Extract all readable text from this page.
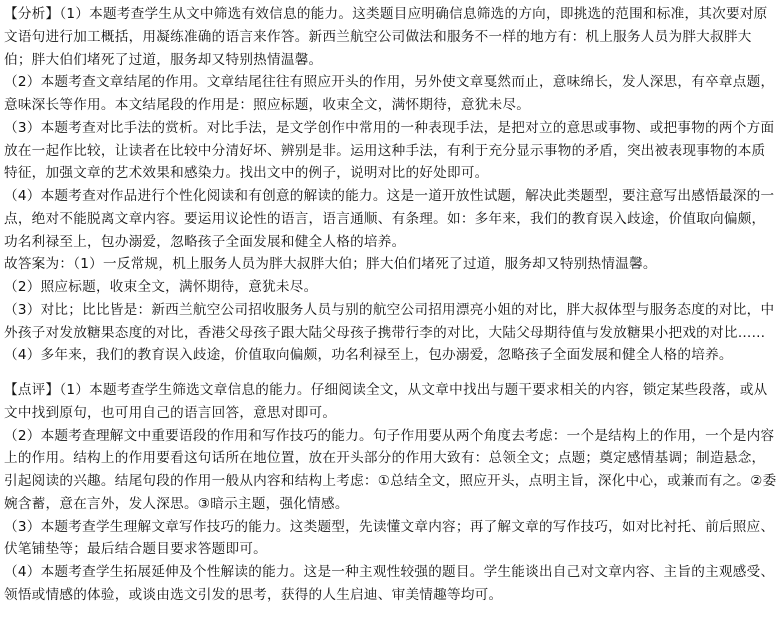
【分析】（1）本题考查学生从文中筛选有效信息的能力。这类题目应明确信息筛选的方向，即挑选的范围和标准，其次要对原文语句进行加工概括，用凝练准确的语言来作答。新西兰航空公司做法和服务不一样的地方有：机上服务人员为胖大叔胖大伯；胖大伯们堵死了过道，服务却又特别热情温馨。

（2）本题考查文章结尾的作用。文章结尾往往有照应开头的作用，另外使文章戛然而止，意味绵长，发人深思，有卒章点题，意味深长等作用。本文结尾段的作用是：照应标题，收束全文，满怀期待，意犹未尽。

（3）本题考查对比手法的赏析。对比手法，是文学创作中常用的一种表现手法，是把对立的意思或事物、或把事物的两个方面放在一起作比较，让读者在比较中分清好坏、辨别是非。运用这种手法，有利于充分显示事物的矛盾，突出被表现事物的本质特征，加强文章的艺术效果和感染力。找出文中的例子，说明对比的好处即可。

（4）本题考查对作品进行个性化阅读和有创意的解读的能力。这是一道开放性试题，解决此类题型，要注意写出感悟最深的一点，绝对不能脱离文章内容。要运用议论性的语言，语言通顺、有条理。如：多年来，我们的教育误入歧途，价值取向偏颇，功名利禄至上，包办溺爱，忽略孩子全面发展和健全人格的培养。

故答案为：（1）一反常规，机上服务人员为胖大叔胖大伯；胖大伯们堵死了过道，服务却又特别热情温馨。

（2）照应标题，收束全文，满怀期待，意犹未尽。

（3）对比；比比皆是：新西兰航空公司招收服务人员与别的航空公司招用漂亮小姐的对比，胖大叔体型与服务态度的对比，中外孩子对发放糖果态度的对比，香港父母孩子跟大陆父母孩子携带行李的对比，大陆父母期待值与发放糖果小把戏的对比……

（4）多年来，我们的教育误入歧途，价值取向偏颇，功名利禄至上，包办溺爱，忽略孩子全面发展和健全人格的培养。

【点评】（1）本题考查学生筛选文章信息的能力。仔细阅读全文，从文章中找出与题干要求相关的内容，锁定某些段落，或从文中找到原句，也可用自己的语言回答，意思对即可。

（2）本题考查理解文中重要语段的作用和写作技巧的能力。句子作用要从两个角度去考虑：一个是结构上的作用，一个是内容上的作用。结构上的作用要看这句话所在地位置，放在开头部分的作用大致有：总领全文；点题；奠定感情基调；制造悬念，引起阅读的兴趣。结尾句段的作用一般从内容和结构上考虑：①总结全文，照应开头，点明主旨，深化中心，或兼而有之。②委婉含蓄，意在言外，发人深思。③暗示主题，强化情感。

（3）本题考查学生理解文章写作技巧的能力。这类题型，先读懂文章内容；再了解文章的写作技巧，如对比衬托、前后照应、伏笔铺垫等；最后结合题目要求答题即可。

（4）本题考查学生拓展延伸及个性解读的能力。这是一种主观性较强的题目。学生能谈出自己对文章内容、主旨的主观感受、领悟或情感的体验，或谈由选文引发的思考，获得的人生启迪、审美情趣等均可。
